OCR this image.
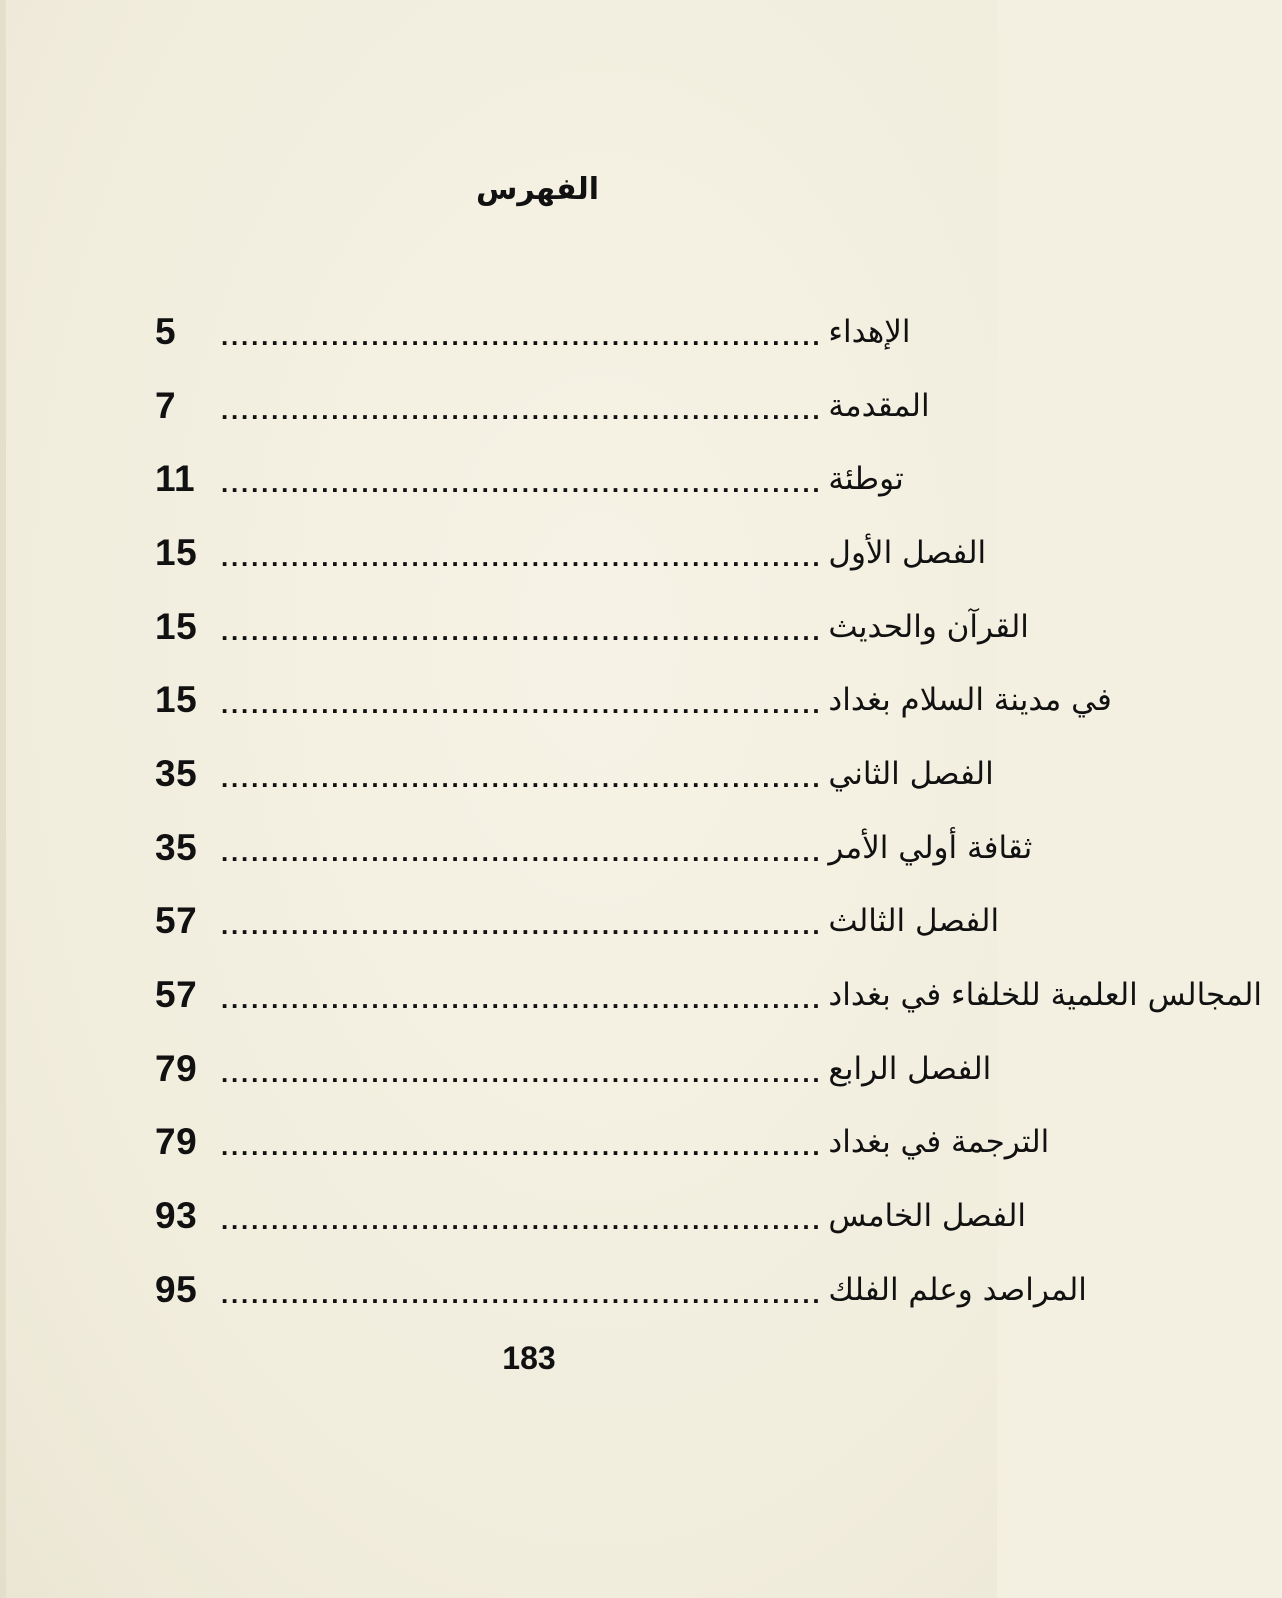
الفهرس
5	............................................................ الإهداء
7	............................................................ المقدمة
11 ............................................................ توطئة
15 ............................................................ الفصل الأول
15 ............................................................ القرآن والحديث
15 ............................................................ في مدينة السلام بغداد
35 ............................................................ الفصل الثاني
35 ............................................................ ثقافة أولي الأمر
57 ............................................................ الفصل الثالث
57 ............................................................ المجالس العلمية للخلفاء في بغداد
79 ............................................................ الفصل الرابع
79 ............................................................ الترجمة في بغداد
93 ............................................................ الفصل الخامس
95 ............................................................ المراصد وعلم الفلك
183
